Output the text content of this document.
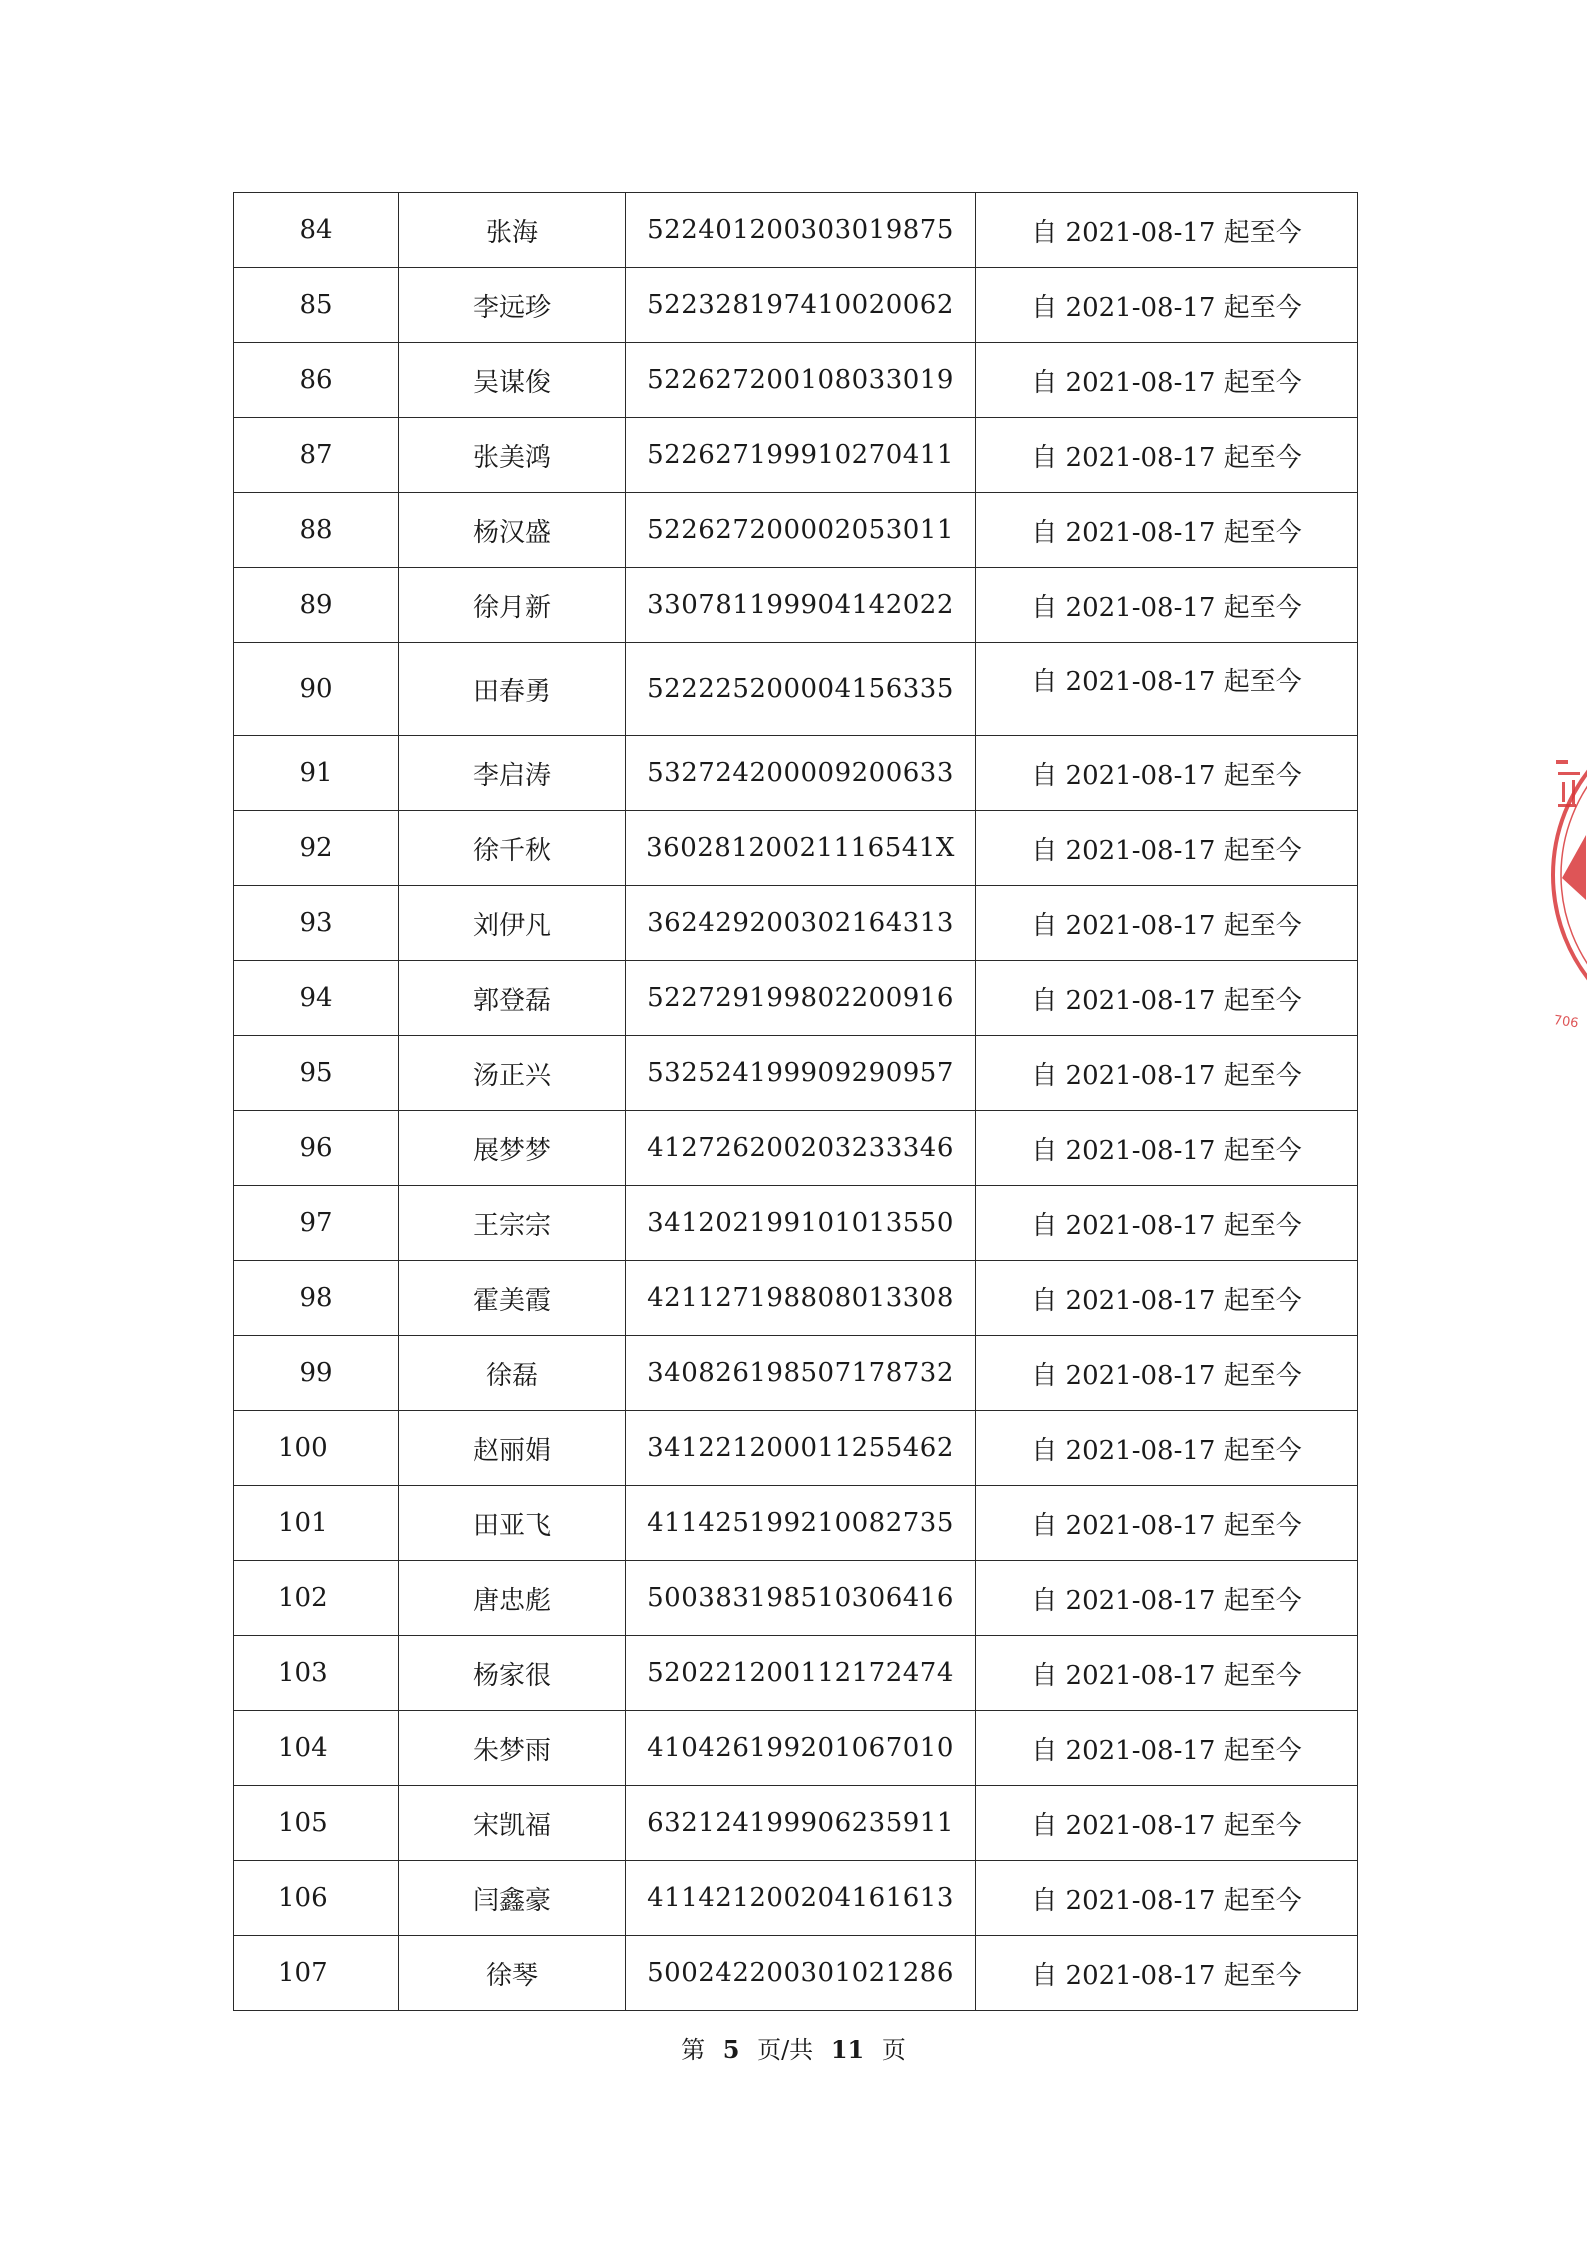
84	张海	522401200303019875	自 2021-08-17 起至今
85	李远珍	522328197410020062	自 2021-08-17 起至今
86	吴谋俊	522627200108033019	自 2021-08-17 起至今
87	张美鸿	522627199910270411	自 2021-08-17 起至今
88	杨汉盛	522627200002053011	自 2021-08-17 起至今
89	徐月新	330781199904142022	自 2021-08-17 起至今
90	田春勇	522225200004156335	自 2021-08-17 起至今
91	李启涛	532724200009200633	自 2021-08-17 起至今
92	徐千秋	36028120021116541X	自 2021-08-17 起至今
93	刘伊凡	362429200302164313	自 2021-08-17 起至今
94	郭登磊	522729199802200916	自 2021-08-17 起至今
95	汤正兴	532524199909290957	自 2021-08-17 起至今
96	展梦梦	412726200203233346	自 2021-08-17 起至今
97	王宗宗	341202199101013550	自 2021-08-17 起至今
98	霍美霞	421127198808013308	自 2021-08-17 起至今
99	徐磊	340826198507178732	自 2021-08-17 起至今
100	赵丽娟	341221200011255462	自 2021-08-17 起至今
101	田亚飞	411425199210082735	自 2021-08-17 起至今
102	唐忠彪	500383198510306416	自 2021-08-17 起至今
103	杨家很	520221200112172474	自 2021-08-17 起至今
104	朱梦雨	410426199201067010	自 2021-08-17 起至今
105	宋凯福	632124199906235911	自 2021-08-17 起至今
106	闫鑫豪	411421200204161613	自 2021-08-17 起至今
107	徐琴	500242200301021286	自 2021-08-17 起至今
第 5 页/共 11 页
706
